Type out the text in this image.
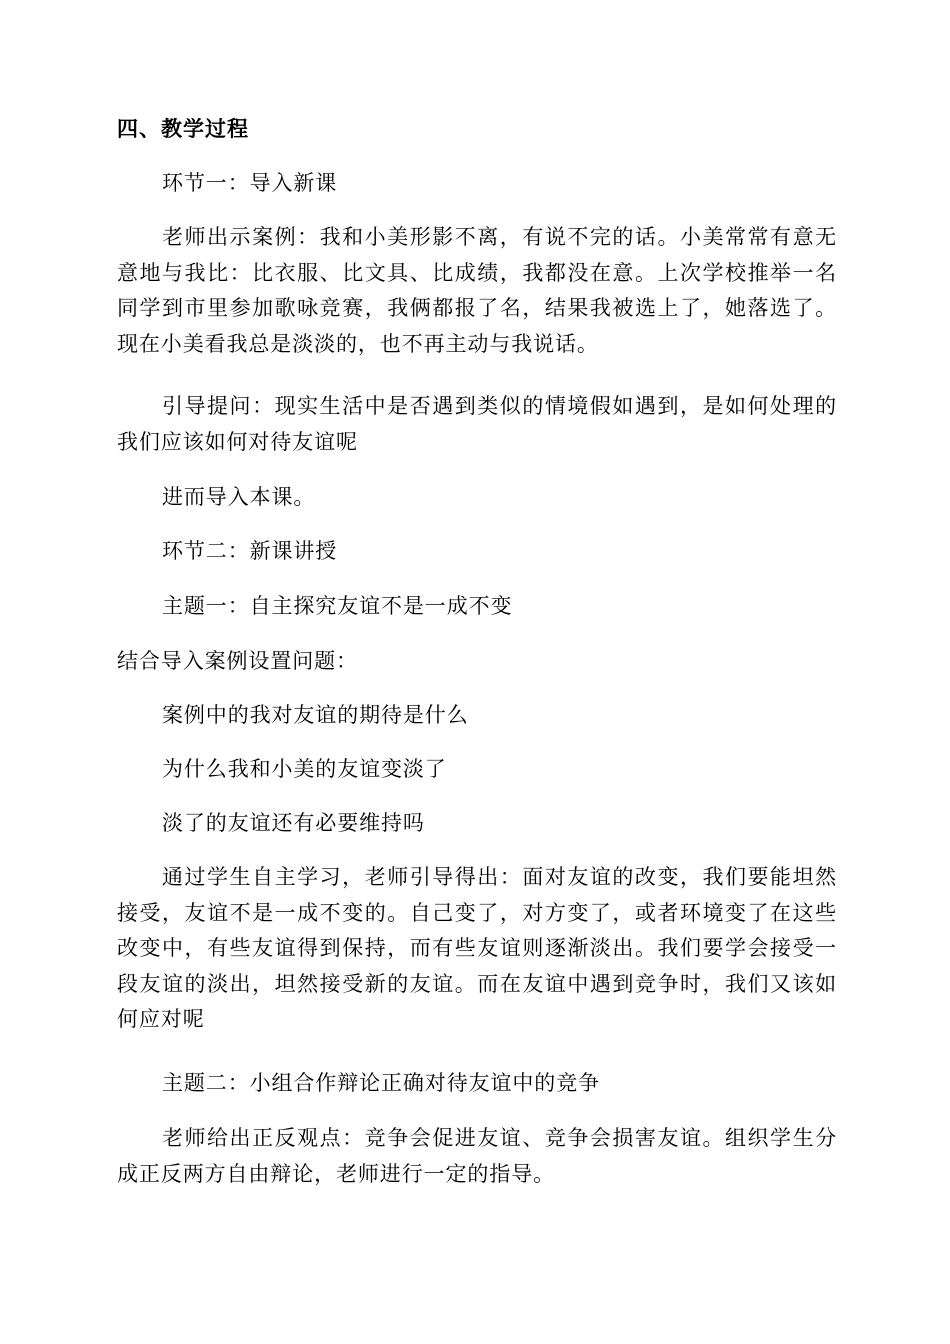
四、教学过程
环节一：导入新课
老师出示案例：我和小美形影不离，有说不完的话。小美常常有意无意地与我比：比衣服、比文具、比成绩，我都没在意。上次学校推举一名同学到市里参加歌咏竞赛，我俩都报了名，结果我被选上了，她落选了。现在小美看我总是淡淡的，也不再主动与我说话。
引导提问：现实生活中是否遇到类似的情境假如遇到，是如何处理的我们应该如何对待友谊呢
进而导入本课。
环节二：新课讲授
主题一：自主探究友谊不是一成不变
结合导入案例设置问题：
案例中的我对友谊的期待是什么
为什么我和小美的友谊变淡了
淡了的友谊还有必要维持吗
通过学生自主学习，老师引导得出：面对友谊的改变，我们要能坦然接受，友谊不是一成不变的。自己变了，对方变了，或者环境变了在这些改变中，有些友谊得到保持，而有些友谊则逐渐淡出。我们要学会接受一段友谊的淡出，坦然接受新的友谊。而在友谊中遇到竞争时，我们又该如何应对呢
主题二：小组合作辩论正确对待友谊中的竞争
老师给出正反观点：竞争会促进友谊、竞争会损害友谊。组织学生分成正反两方自由辩论，老师进行一定的指导。
